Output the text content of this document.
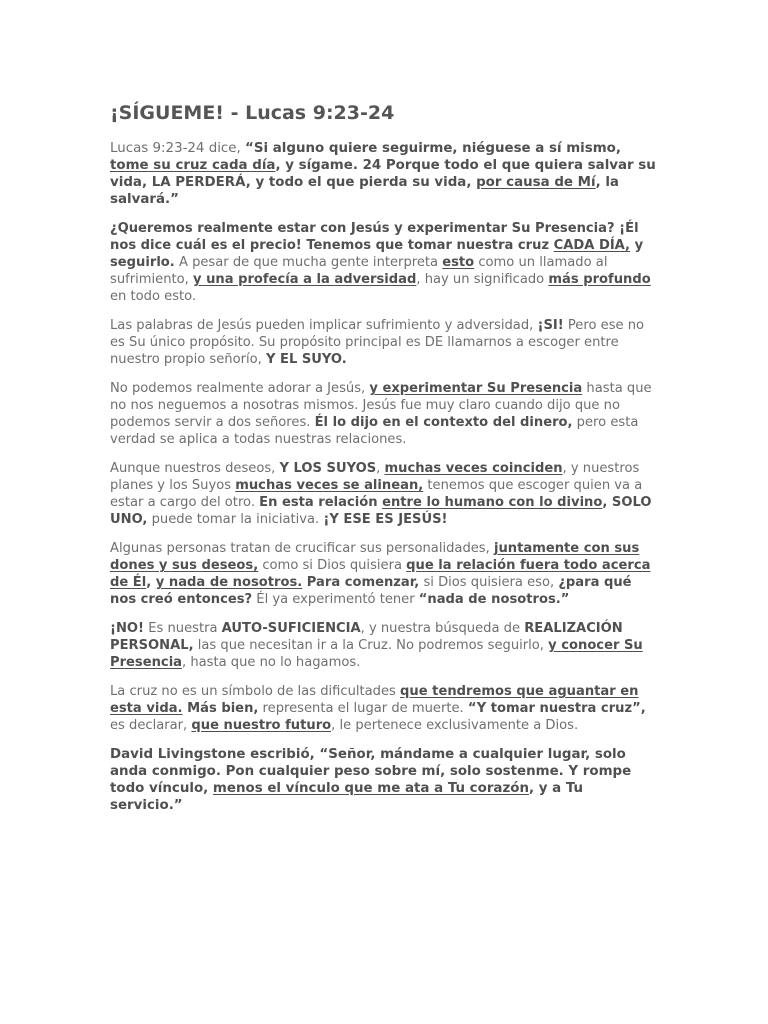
¡SÍGUEME! - Lucas 9:23-24

Lucas 9:23-24 dice, “Si alguno quiere seguirme, niéguese a sí mismo, tome su cruz cada día, y sígame. 24 Porque todo el que quiera salvar su vida, LA PERDERÁ, y todo el que pierda su vida, por causa de Mí, la salvará.”

¿Queremos realmente estar con Jesús y experimentar Su Presencia? ¡Él nos dice cuál es el precio! Tenemos que tomar nuestra cruz CADA DÍA, y seguirlo. A pesar de que mucha gente interpreta esto como un llamado al sufrimiento, y una profecía a la adversidad, hay un significado más profundo en todo esto.

Las palabras de Jesús pueden implicar sufrimiento y adversidad, ¡SI! Pero ese no es Su único propósito. Su propósito principal es DE llamarnos a escoger entre nuestro propio señorío, Y EL SUYO.

No podemos realmente adorar a Jesús, y experimentar Su Presencia hasta que no nos neguemos a nosotras mismos. Jesús fue muy claro cuando dijo que no podemos servir a dos señores. Él lo dijo en el contexto del dinero, pero esta verdad se aplica a todas nuestras relaciones.

Aunque nuestros deseos, Y LOS SUYOS, muchas veces coinciden, y nuestros planes y los Suyos muchas veces se alinean, tenemos que escoger quien va a estar a cargo del otro. En esta relación entre lo humano con lo divino, SOLO UNO, puede tomar la iniciativa. ¡Y ESE ES JESÚS!

Algunas personas tratan de crucificar sus personalidades, juntamente con sus dones y sus deseos, como si Dios quisiera que la relación fuera todo acerca de Él, y nada de nosotros. Para comenzar, si Dios quisiera eso, ¿para qué nos creó entonces? Él ya experimentó tener “nada de nosotros.”

¡NO! Es nuestra AUTO-SUFICIENCIA, y nuestra búsqueda de REALIZACIÓN PERSONAL, las que necesitan ir a la Cruz. No podremos seguirlo, y conocer Su Presencia, hasta que no lo hagamos.

La cruz no es un símbolo de las dificultades que tendremos que aguantar en esta vida. Más bien, representa el lugar de muerte. “Y tomar nuestra cruz”, es declarar, que nuestro futuro, le pertenece exclusivamente a Dios.

David Livingstone escribió, “Señor, mándame a cualquier lugar, solo anda conmigo. Pon cualquier peso sobre mí, solo sostenme. Y rompe todo vínculo, menos el vínculo que me ata a Tu corazón, y a Tu servicio.”
